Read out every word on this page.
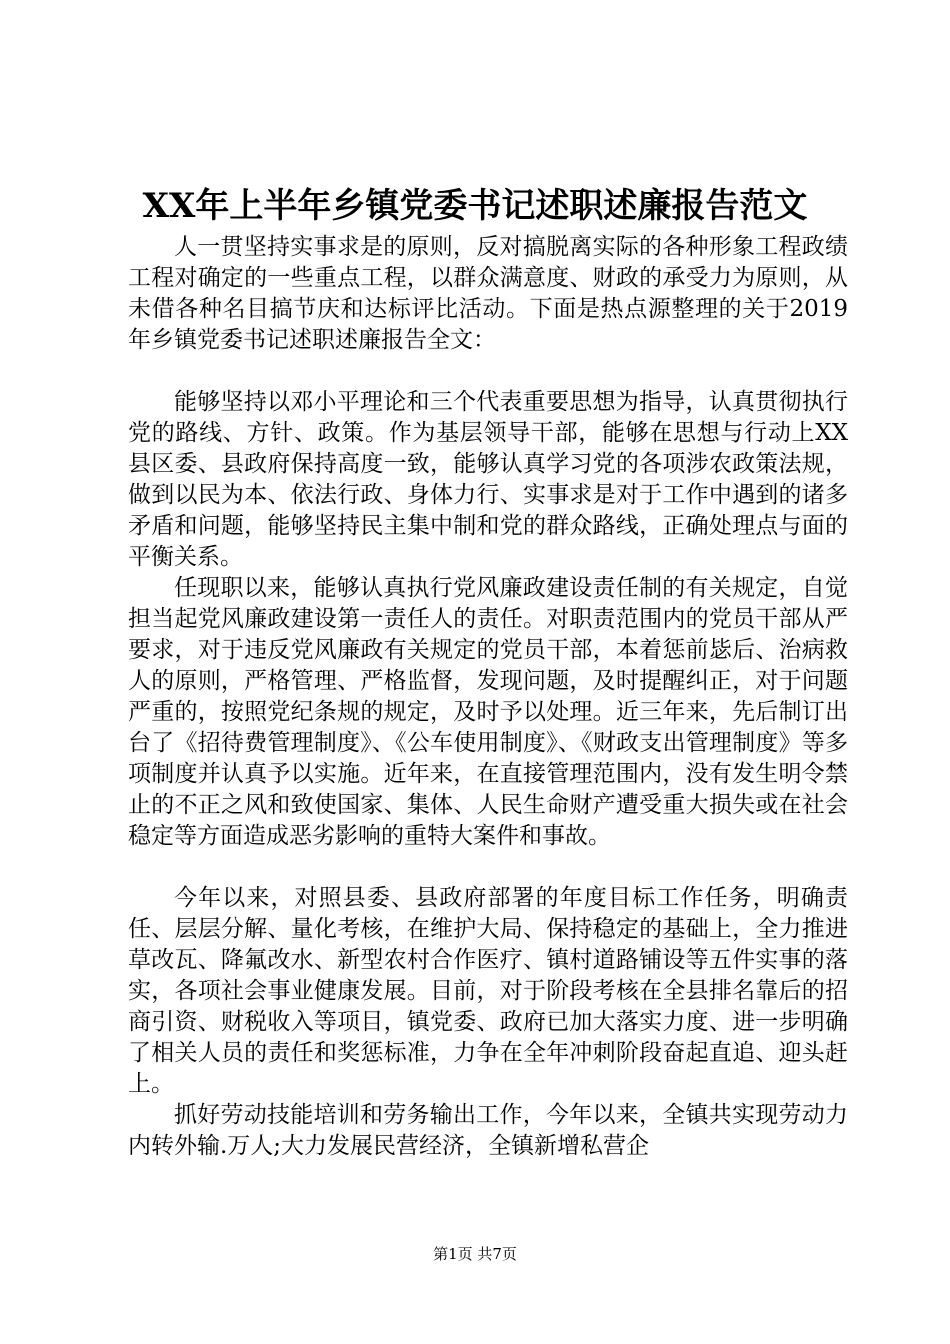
XX年上半年乡镇党委书记述职述廉报告范文

人一贯坚持实事求是的原则，反对搞脱离实际的各种形象工程政绩工程对确定的一些重点工程，以群众满意度、财政的承受力为原则，从未借各种名目搞节庆和达标评比活动。下面是热点源整理的关于2019年乡镇党委书记述职述廉报告全文：

能够坚持以邓小平理论和三个代表重要思想为指导，认真贯彻执行党的路线、方针、政策。作为基层领导干部，能够在思想与行动上XX县区委、县政府保持高度一致，能够认真学习党的各项涉农政策法规，做到以民为本、依法行政、身体力行、实事求是对于工作中遇到的诸多矛盾和问题，能够坚持民主集中制和党的群众路线，正确处理点与面的平衡关系。

任现职以来，能够认真执行党风廉政建设责任制的有关规定，自觉担当起党风廉政建设第一责任人的责任。对职责范围内的党员干部从严要求，对于违反党风廉政有关规定的党员干部，本着惩前毖后、治病救人的原则，严格管理、严格监督，发现问题，及时提醒纠正，对于问题严重的，按照党纪条规的规定，及时予以处理。近三年来，先后制订出台了《招待费管理制度》、《公车使用制度》、《财政支出管理制度》等多项制度并认真予以实施。近年来，在直接管理范围内，没有发生明令禁止的不正之风和致使国家、集体、人民生命财产遭受重大损失或在社会稳定等方面造成恶劣影响的重特大案件和事故。

今年以来，对照县委、县政府部署的年度目标工作任务，明确责任、层层分解、量化考核，在维护大局、保持稳定的基础上，全力推进草改瓦、降氟改水、新型农村合作医疗、镇村道路铺设等五件实事的落实，各项社会事业健康发展。目前，对于阶段考核在全县排名靠后的招商引资、财税收入等项目，镇党委、政府已加大落实力度、进一步明确了相关人员的责任和奖惩标准，力争在全年冲刺阶段奋起直追、迎头赶上。

抓好劳动技能培训和劳务输出工作，今年以来，全镇共实现劳动力内转外输.万人;大力发展民营经济，全镇新增私营企

第1页 共7页
